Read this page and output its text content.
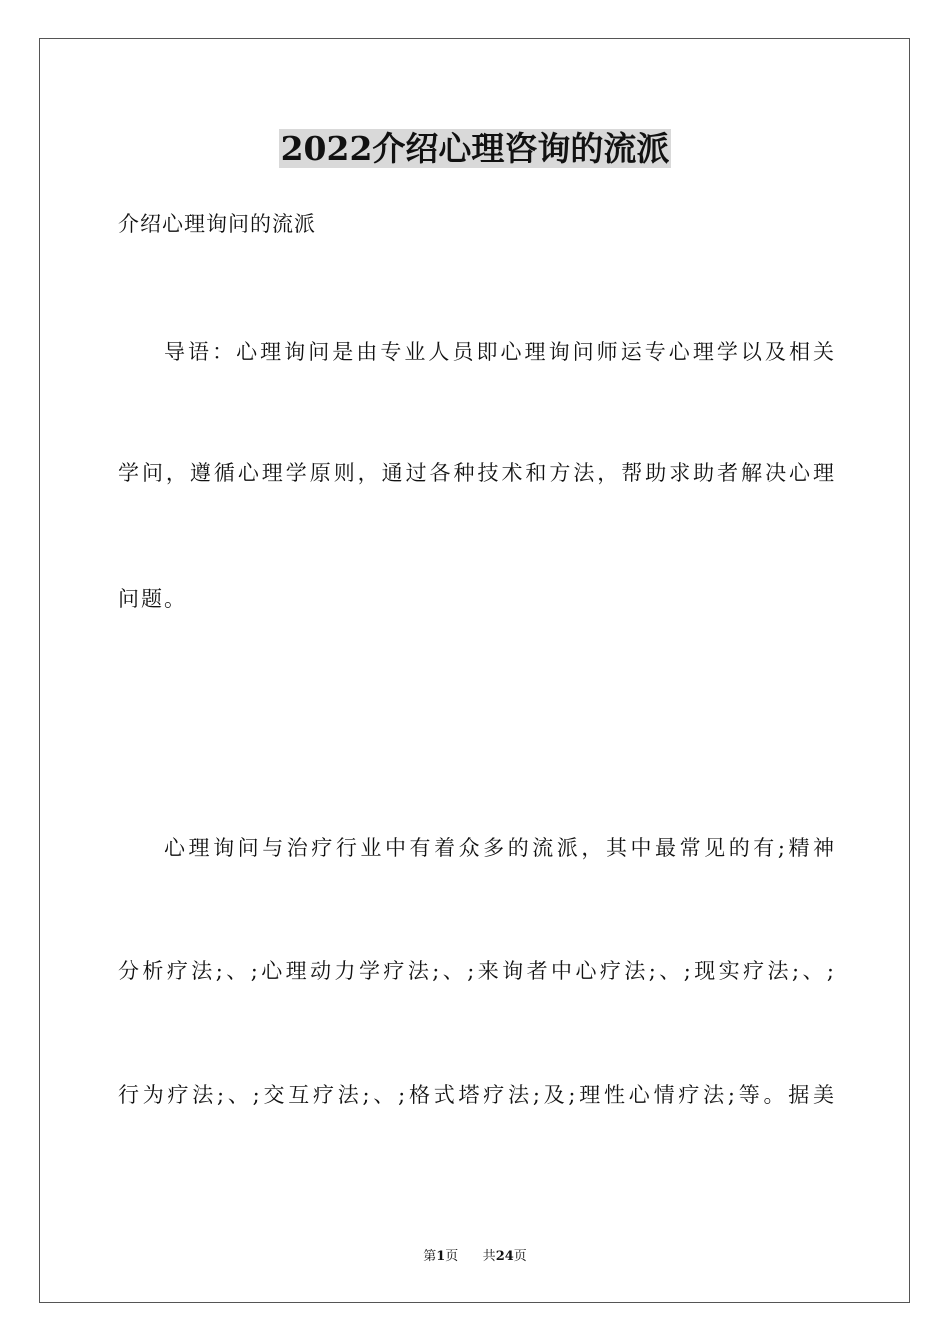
2022介绍心理咨询的流派
介绍心理询问的流派
导语：心理询问是由专业人员即心理询问师运专心理学以及相关
学问，遵循心理学原则，通过各种技术和方法，帮助求助者解决心理
问题。
心理询问与治疗行业中有着众多的流派，其中最常见的有;精神
分析疗法;、;心理动力学疗法;、;来询者中心疗法;、;现实疗法;、;
行为疗法;、;交互疗法;、;格式塔疗法;及;理性心情疗法;等。据美
第1页 共24页
